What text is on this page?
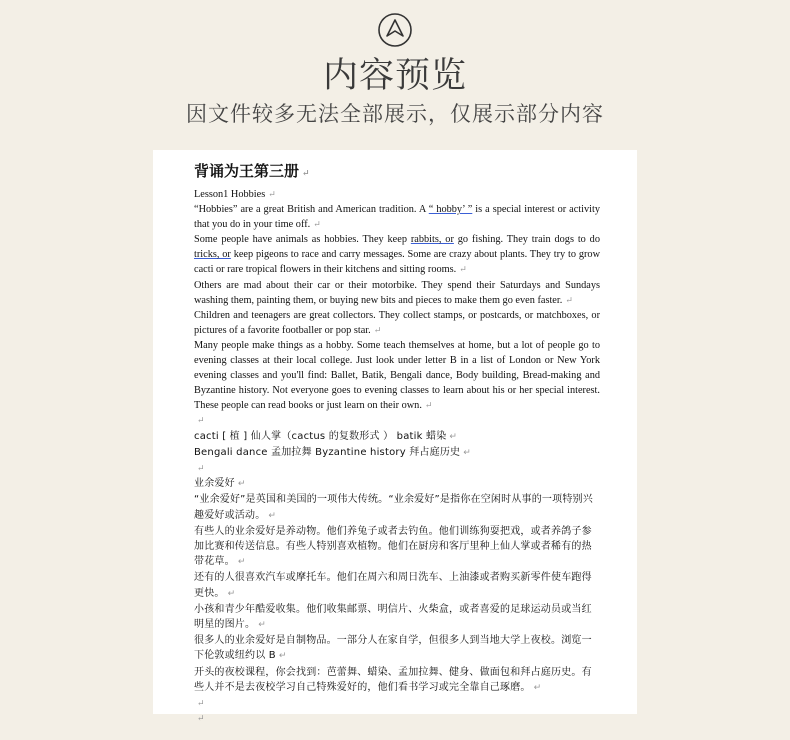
内容预览
因文件较多无法全部展示，仅展示部分内容
背诵为王第三册 ↵

Lesson1 Hobbies ↵

“Hobbies” are a great British and American tradition. A “ hobby’ ” is a special interest or activity that you do in your time off. ↵

Some people have animals as hobbies. They keep rabbits, or go fishing. They train dogs to do tricks, or keep pigeons to race and carry messages. Some are crazy about plants. They try to grow cacti or rare tropical flowers in their kitchens and sitting rooms. ↵

Others are mad about their car or their motorbike. They spend their Saturdays and Sundays washing them, painting them, or buying new bits and pieces to make them go even faster. ↵

Children and teenagers are great collectors. They collect stamps, or postcards, or matchboxes, or pictures of a favorite footballer or pop star. ↵

Many people make things as a hobby. Some teach themselves at home, but a lot of people go to evening classes at their local college. Just look under letter B in a list of London or New York evening classes and you'll find: Ballet, Batik, Bengali dance, Body building, Bread-making and Byzantine history. Not everyone goes to evening classes to learn about his or her special interest. These people can read books or just learn on their own. ↵

↵

cacti [ 植 ] 仙人掌（cactus 的复数形式 ） batik 蜡染 ↵

Bengali dance 孟加拉舞 Byzantine history 拜占庭历史 ↵

↵

业余爱好 ↵

“业余爱好”是英国和美国的一项伟大传统。“业余爱好”是指你在空闲时从事的一项特别兴趣爱好或活动。 ↵

有些人的业余爱好是养动物。他们养兔子或者去钓鱼。他们训练狗耍把戏，或者养鸽子参加比赛和传送信息。有些人特别喜欢植物。他们在厨房和客厅里种上仙人掌或者稀有的热带花草。 ↵

还有的人很喜欢汽车或摩托车。他们在周六和周日洗车、上油漆或者购买新零件使车跑得更快。 ↵

小孩和青少年酷爱收集。他们收集邮票、明信片、火柴盒，或者喜爱的足球运动员或当红明星的图片。 ↵

很多人的业余爱好是自制物品。一部分人在家自学，但很多人到当地大学上夜校。浏览一下伦敦或纽约以 B ↵

开头的夜校课程，你会找到：芭蕾舞、蜡染、孟加拉舞、健身、做面包和拜占庭历史。有些人并不是去夜校学习自己特殊爱好的，他们看书学习或完全靠自己琢磨。 ↵

↵

↵
